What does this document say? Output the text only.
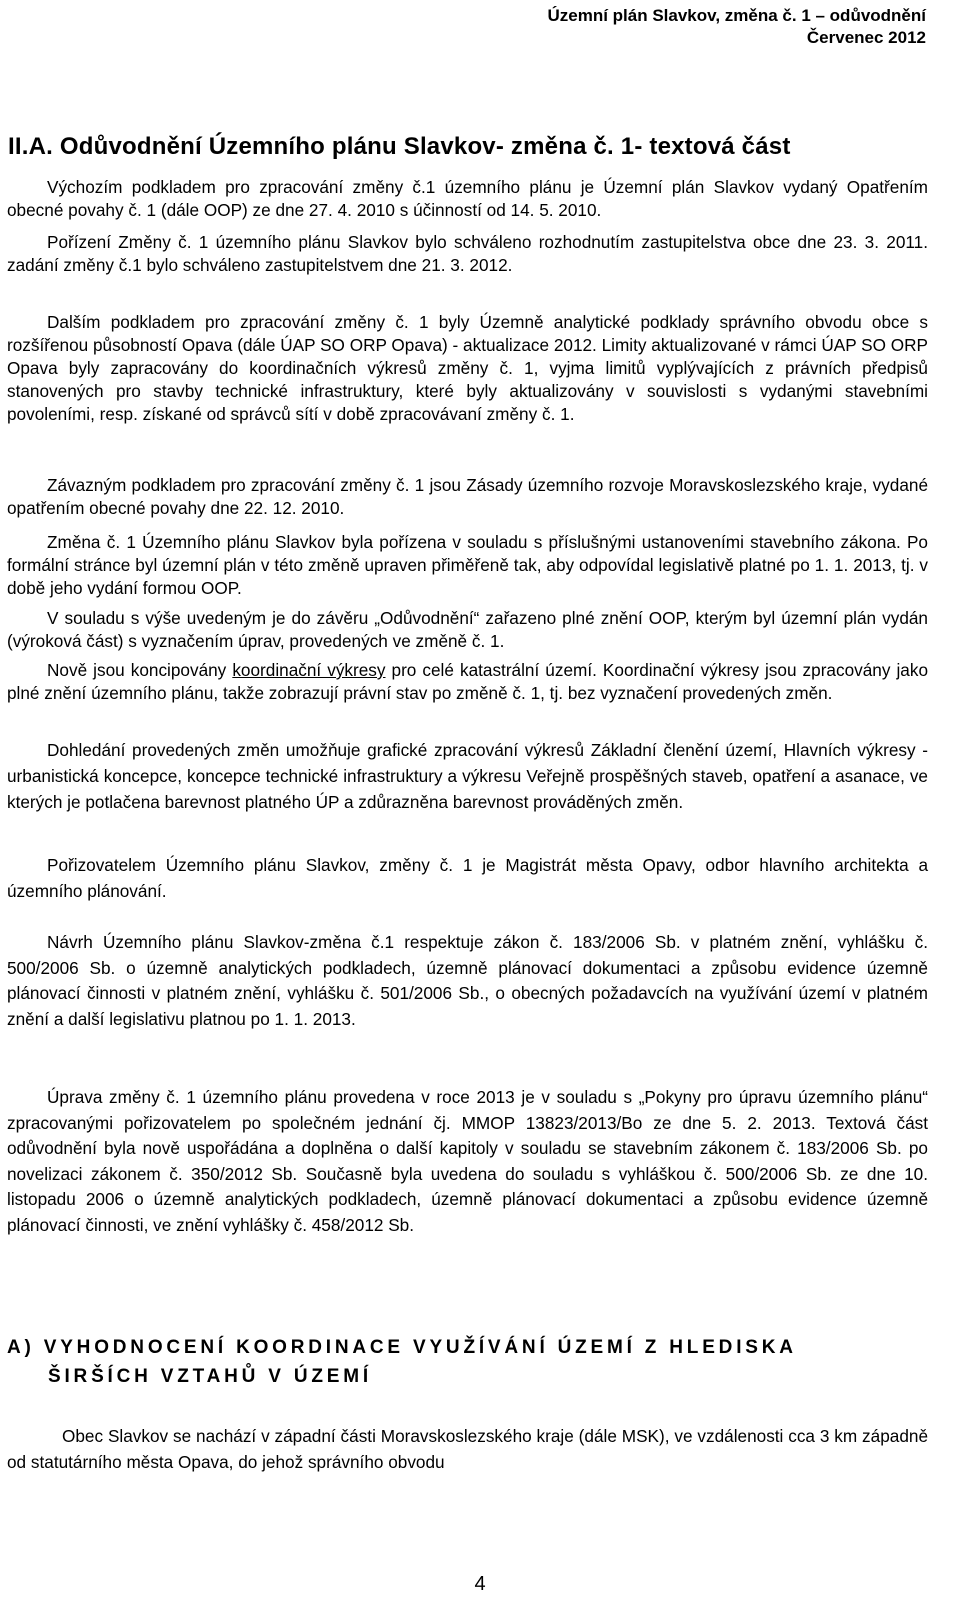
Územní plán Slavkov, změna č. 1 – odůvodnění
Červenec 2012
II.A. Odůvodnění Územního plánu Slavkov- změna č. 1- textová část

Výchozím podkladem pro zpracování změny č.1 územního plánu je Územní plán Slavkov vydaný Opatřením obecné povahy č. 1 (dále OOP) ze dne 27. 4. 2010 s účinností od 14. 5. 2010.

Pořízení Změny č. 1 územního plánu Slavkov bylo schváleno rozhodnutím zastupitelstva obce dne 23. 3. 2011. zadání změny č.1 bylo schváleno zastupitelstvem dne 21. 3. 2012.

Dalším podkladem pro zpracování změny č. 1 byly Územně analytické podklady správního obvodu obce s rozšířenou působností Opava (dále ÚAP SO ORP Opava) - aktualizace 2012. Limity aktualizované v rámci ÚAP SO ORP Opava byly zapracovány do koordinačních výkresů změny č. 1, vyjma limitů vyplývajících z právních předpisů stanovených pro stavby technické infrastruktury, které byly aktualizovány v souvislosti s vydanými stavebními povoleními, resp. získané od správců sítí v době zpracovávaní změny č. 1.

Závazným podkladem pro zpracování změny č. 1 jsou Zásady územního rozvoje Moravskoslezského kraje, vydané opatřením obecné povahy dne 22. 12. 2010.

Změna č. 1 Územního plánu Slavkov byla pořízena v souladu s příslušnými ustanoveními stavebního zákona. Po formální stránce byl územní plán v této změně upraven přiměřeně tak, aby odpovídal legislativě platné po 1. 1. 2013, tj. v době jeho vydání formou OOP.

V souladu s výše uvedeným je do závěru „Odůvodnění“ zařazeno plné znění OOP, kterým byl územní plán vydán (výroková část) s vyznačením úprav, provedených ve změně č. 1.

Nově jsou koncipovány koordinační výkresy pro celé katastrální území. Koordinační výkresy jsou zpracovány jako plné znění územního plánu, takže zobrazují právní stav po změně č. 1, tj. bez vyznačení provedených změn.

Dohledání provedených změn umožňuje grafické zpracování výkresů Základní členění území, Hlavních výkresy - urbanistická koncepce, koncepce technické infrastruktury a výkresu Veřejně prospěšných staveb, opatření a asanace, ve kterých je potlačena barevnost platného ÚP a zdůrazněna barevnost prováděných změn.

Pořizovatelem Územního plánu Slavkov, změny č. 1 je Magistrát města Opavy, odbor hlavního architekta a územního plánování.

Návrh Územního plánu Slavkov-změna č.1 respektuje zákon č. 183/2006 Sb. v platném znění, vyhlášku č. 500/2006 Sb. o územně analytických podkladech, územně plánovací dokumentaci a způsobu evidence územně plánovací činnosti v platném znění, vyhlášku č. 501/2006 Sb., o obecných požadavcích na využívání území v platném znění a další legislativu platnou po 1. 1. 2013.

Úprava změny č. 1 územního plánu provedena v roce 2013 je v souladu s „Pokyny pro úpravu územního plánu“ zpracovanými pořizovatelem po společném jednání čj. MMOP 13823/2013/Bo ze dne 5. 2. 2013. Textová část odůvodnění byla nově uspořádána a doplněna o další kapitoly v souladu se stavebním zákonem č. 183/2006 Sb. po novelizaci zákonem č. 350/2012 Sb. Současně byla uvedena do souladu s vyhláškou č. 500/2006 Sb. ze dne 10. listopadu 2006 o územně analytických podkladech, územně plánovací dokumentaci a způsobu evidence územně plánovací činnosti, ve znění vyhlášky č. 458/2012 Sb.

A) VYHODNOCENÍ KOORDINACE VYUŽÍVÁNÍ ÚZEMÍ Z HLEDISKA
ŠIRŠÍCH VZTAHŮ V ÚZEMÍ

Obec Slavkov se nachází v západní části Moravskoslezského kraje (dále MSK), ve vzdálenosti cca 3 km západně od statutárního města Opava, do jehož správního obvodu

4
